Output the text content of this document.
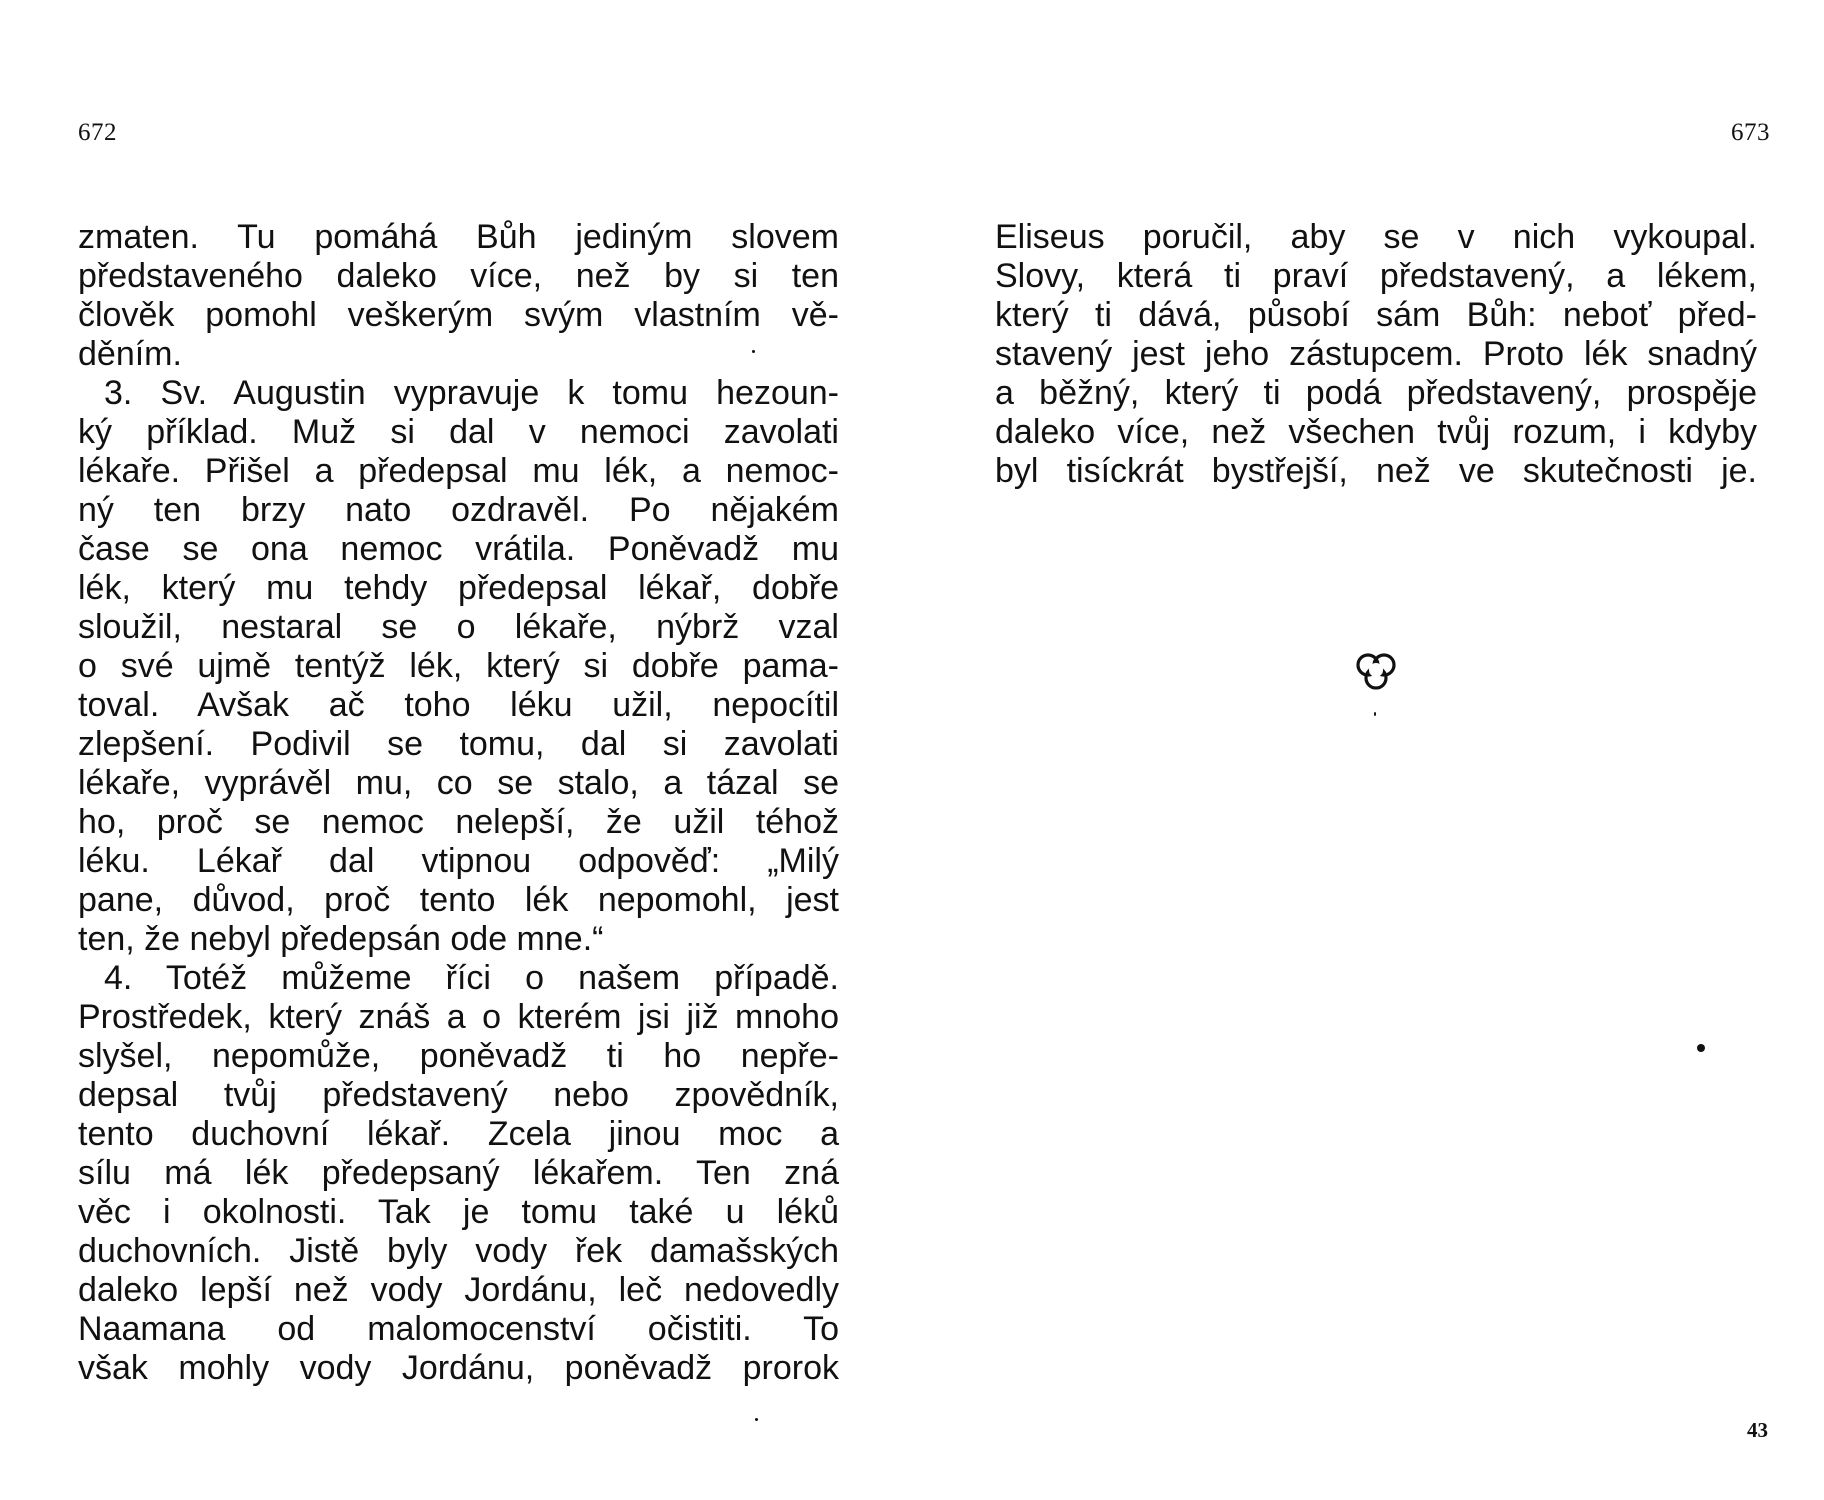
672
zmaten. Tu pomáhá Bůh jediným slovem
představeného daleko více, než by si ten
člověk pomohl veškerým svým vlastním vě-
děním.
3. Sv. Augustin vypravuje k tomu hezoun-
ký příklad. Muž si dal v nemoci zavolati
lékaře. Přišel a předepsal mu lék, a nemoc-
ný ten brzy nato ozdravěl. Po nějakém
čase se ona nemoc vrátila. Poněvadž mu
lék, který mu tehdy předepsal lékař, dobře
sloužil, nestaral se o lékaře, nýbrž vzal
o své ujmě tentýž lék, který si dobře pama-
toval. Avšak ač toho léku užil, nepocítil
zlepšení. Podivil se tomu, dal si zavolati
lékaře, vyprávěl mu, co se stalo, a tázal se
ho, proč se nemoc nelepší, že užil téhož
léku. Lékař dal vtipnou odpověď: „Milý
pane, důvod, proč tento lék nepomohl, jest
ten, že nebyl předepsán ode mne.“
4. Totéž můžeme říci o našem případě.
Prostředek, který znáš a o kterém jsi již mnoho
slyšel, nepomůže, poněvadž ti ho nepře-
depsal tvůj představený nebo zpovědník,
tento duchovní lékař. Zcela jinou moc a
sílu má lék předepsaný lékařem. Ten zná
věc i okolnosti. Tak je tomu také u léků
duchovních. Jistě byly vody řek damašských
daleko lepší než vody Jordánu, leč nedovedly
Naamana od malomocenství očistiti. To
však mohly vody Jordánu, poněvadž prorok
673
Eliseus poručil, aby se v nich vykoupal.
Slovy, která ti praví představený, a lékem,
který ti dává, působí sám Bůh: neboť před-
stavený jest jeho zástupcem. Proto lék snadný
a běžný, který ti podá představený, prospěje
daleko více, než všechen tvůj rozum, i kdyby
byl tisíckrát bystřejší, než ve skutečnosti je.
43
